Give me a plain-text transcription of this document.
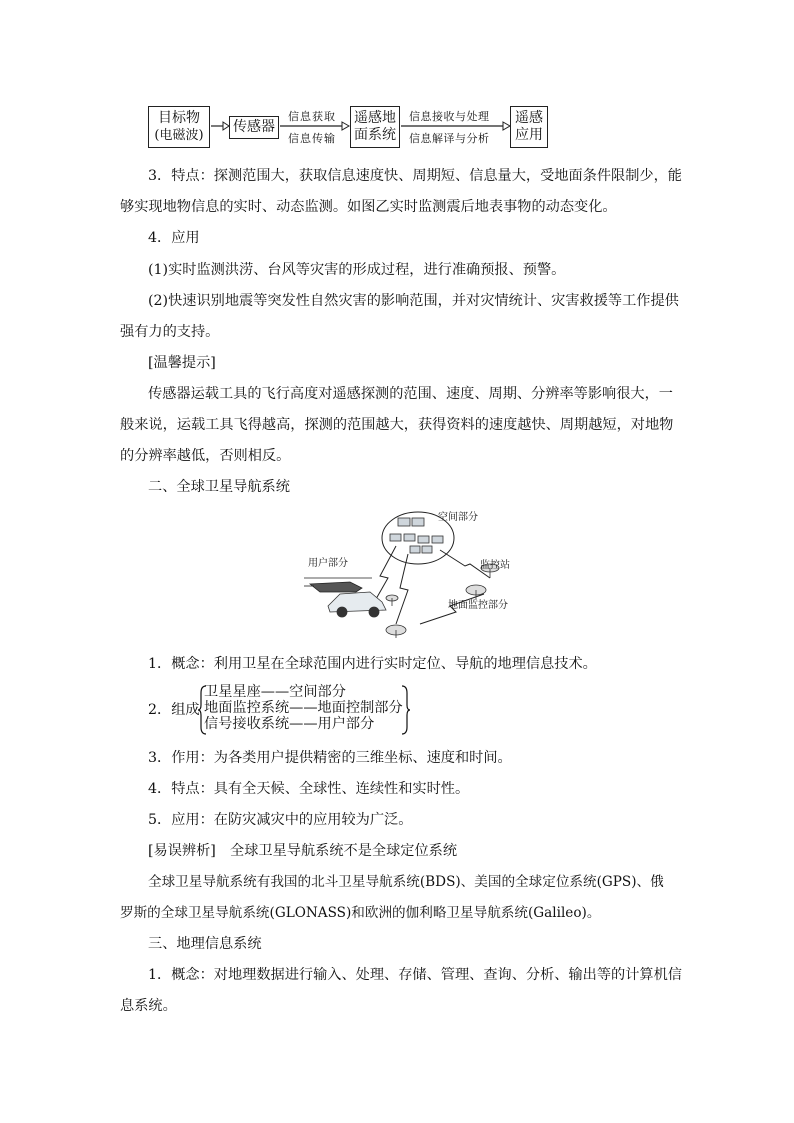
目标物
(电磁波)
传感器
信息获取
信息传输
遥感地
面系统
信息接收与处理
信息解译与分析
遥感
应用
3．特点：探测范围大，获取信息速度快、周期短、信息量大，受地面条件限制少，能
够实现地物信息的实时、动态监测。如图乙实时监测震后地表事物的动态变化。
4．应用
(1)实时监测洪涝、台风等灾害的形成过程，进行准确预报、预警。
(2)快速识别地震等突发性自然灾害的影响范围，并对灾情统计、灾害救援等工作提供
强有力的支持。
[温馨提示]
传感器运载工具的飞行高度对遥感探测的范围、速度、周期、分辨率等影响很大，一
般来说，运载工具飞得越高，探测的范围越大，获得资料的速度越快、周期越短，对地物
的分辨率越低，否则相反。
二、全球卫星导航系统
空间部分
用户部分	监控站
地面监控部分
1．概念：利用卫星在全球范围内进行实时定位、导航的地理信息技术。
2．组成
卫星星座——空间部分
地面监控系统——地面控制部分
信号接收系统——用户部分
3．作用：为各类用户提供精密的三维坐标、速度和时间。
4．特点：具有全天候、全球性、连续性和实时性。
5．应用：在防灾减灾中的应用较为广泛。
[易误辨析]　全球卫星导航系统不是全球定位系统
全球卫星导航系统有我国的北斗卫星导航系统(BDS)、美国的全球定位系统(GPS)、俄
罗斯的全球卫星导航系统(GLONASS)和欧洲的伽利略卫星导航系统(Galileo)。
三、地理信息系统
1．概念：对地理数据进行输入、处理、存储、管理、查询、分析、输出等的计算机信
息系统。
